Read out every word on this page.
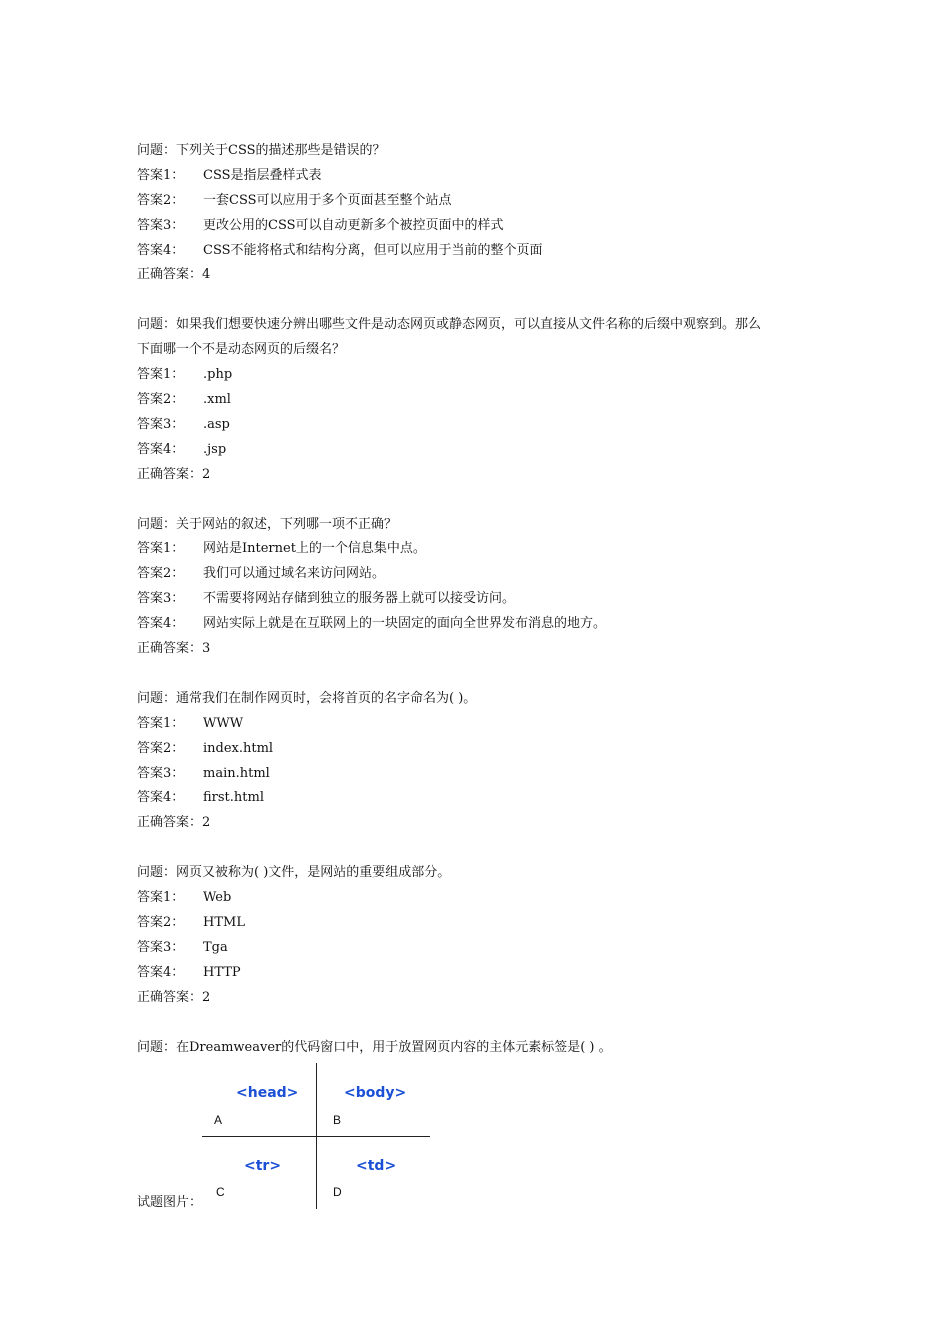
问题：下列关于CSS的描述那些是错误的？
答案1： CSS是指层叠样式表
答案2： 一套CSS可以应用于多个页面甚至整个站点
答案3： 更改公用的CSS可以自动更新多个被控页面中的样式
答案4： CSS不能将格式和结构分离，但可以应用于当前的整个页面
正确答案：4
问题：如果我们想要快速分辨出哪些文件是动态网页或静态网页，可以直接从文件名称的后缀中观察到。那么
下面哪一个不是动态网页的后缀名？
答案1： .php
答案2： .xml
答案3： .asp
答案4： .jsp
正确答案：2
问题：关于网站的叙述，下列哪一项不正确？
答案1： 网站是Internet上的一个信息集中点。
答案2： 我们可以通过域名来访问网站。
答案3： 不需要将网站存储到独立的服务器上就可以接受访问。
答案4： 网站实际上就是在互联网上的一块固定的面向全世界发布消息的地方。
正确答案：3
问题：通常我们在制作网页时，会将首页的名字命名为( )。
答案1： WWW
答案2： index.html
答案3： main.html
答案4： first.html
正确答案：2
问题：网页又被称为( )文件，是网站的重要组成部分。
答案1： Web
答案2： HTML
答案3： Tga
答案4： HTTP
正确答案：2
问题：在Dreamweaver的代码窗口中，用于放置网页内容的主体元素标签是( ) 。
试题图片：
<head>
A
<body>
B
<tr>
C
<td>
D
